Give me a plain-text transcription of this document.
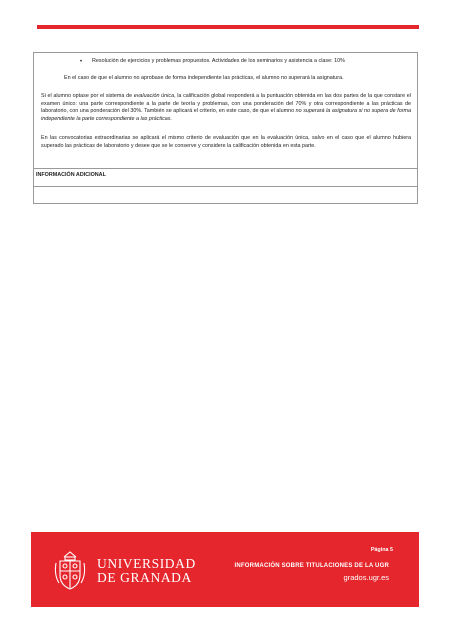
• Resolución de ejercicios y problemas propuestos. Actividades de los seminarios y asistencia a clase: 10%

En el caso de que el alumno no aprobase de forma independiente las prácticas, el alumno no superará la asignatura.

Si el alumno optase por el sistema de evaluación única, la calificación global responderá a la puntuación obtenida en las dos partes de la que constare el examen único: una parte correspondiente a la parte de teoría y problemas, con una ponderación del 70% y otra correspondiente a las prácticas de laboratorio, con una ponderación del 30%. También se aplicará el criterio, en este caso, de que el alumno no superará la asignatura si no supera de forma independiente la parte correspondiente a las prácticas.

En las convocatorias extraordinarias se aplicará el mismo criterio de evaluación que en la evaluación única, salvo en el caso que el alumno hubiera superado las prácticas de laboratorio y desee que se le conserve y considere la calificación obtenida en esta parte.

INFORMACIÓN ADICIONAL
UNIVERSIDAD
DE GRANADA
Página 5
INFORMACIÓN SOBRE TITULACIONES DE LA UGR
grados.ugr.es
